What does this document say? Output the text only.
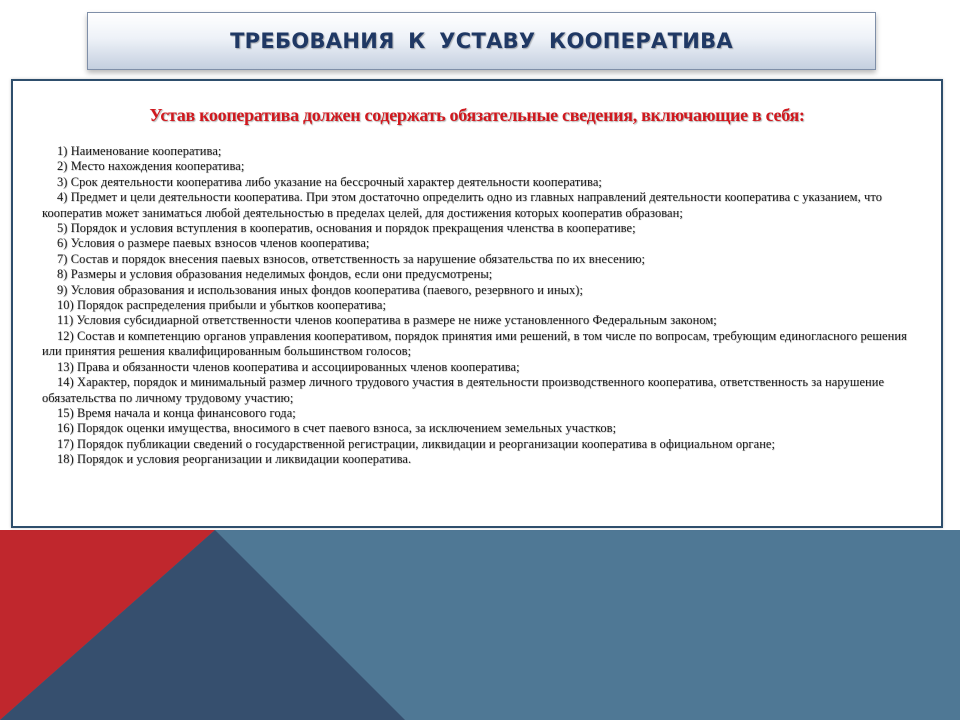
ТРЕБОВАНИЯ К УСТАВУ КООПЕРАТИВА
Устав кооператива должен содержать обязательные сведения, включающие в себя:
1) Наименование кооператива;
2) Место нахождения кооператива;
3) Срок деятельности кооператива либо указание на бессрочный характер деятельности кооператива;
4) Предмет и цели деятельности кооператива. При этом достаточно определить одно из главных направлений деятельности кооператива с указанием, что кооператив может заниматься любой деятельностью в пределах целей, для достижения которых кооператив образован;
5) Порядок и условия вступления в кооператив, основания и порядок прекращения членства в кооперативе;
6) Условия о размере паевых взносов членов кооператива;
7) Состав и порядок внесения паевых взносов, ответственность за нарушение обязательства по их внесению;
8) Размеры и условия образования неделимых фондов, если они предусмотрены;
9) Условия образования и использования иных фондов кооператива (паевого, резервного и иных);
10) Порядок распределения прибыли и убытков кооператива;
11) Условия субсидиарной ответственности членов кооператива в размере не ниже установленного Федеральным законом;
12) Состав и компетенцию органов управления кооперативом, порядок принятия ими решений, в том числе по вопросам, требующим единогласного решения или принятия решения квалифицированным большинством голосов;
13) Права и обязанности членов кооператива и ассоциированных членов кооператива;
14) Характер, порядок и минимальный размер личного трудового участия в деятельности производственного кооператива, ответственность за нарушение обязательства по личному трудовому участию;
15) Время начала и конца финансового года;
16) Порядок оценки имущества, вносимого в счет паевого взноса, за исключением земельных участков;
17) Порядок публикации сведений о государственной регистрации, ликвидации и реорганизации кооператива в официальном органе;
18) Порядок и условия реорганизации и ликвидации кооператива.
